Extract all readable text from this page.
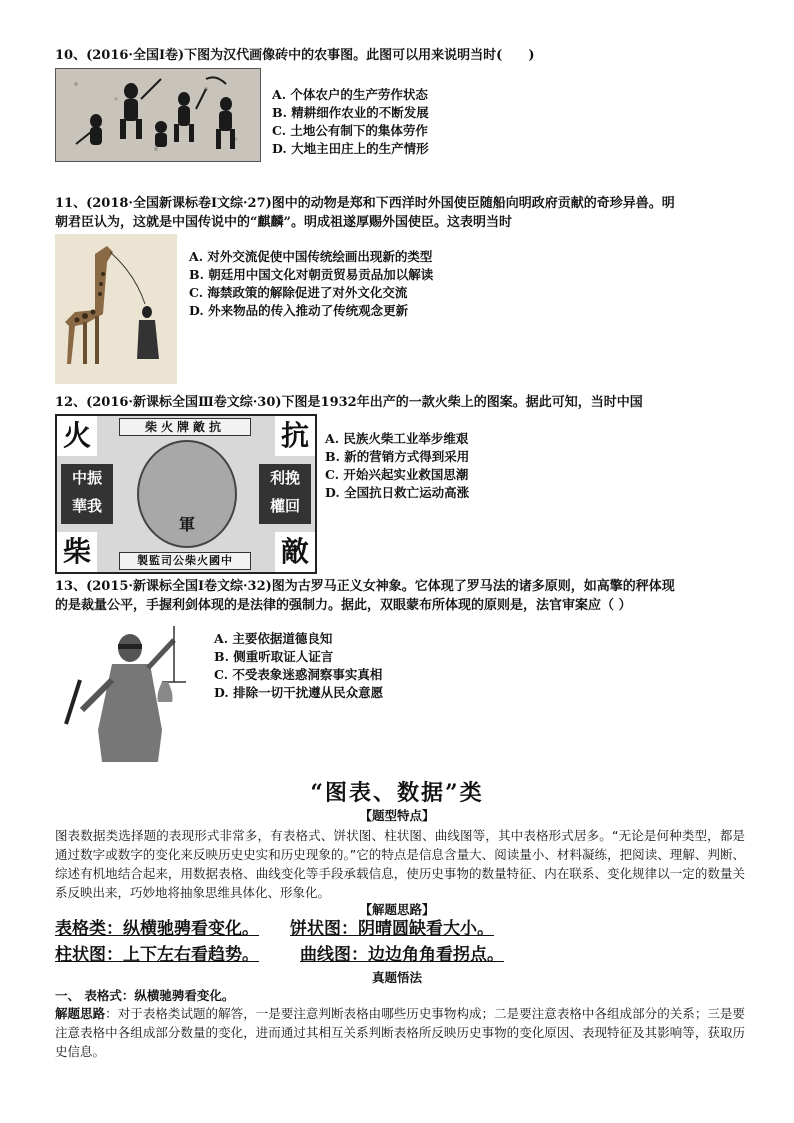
10、(2016·全国Ⅰ卷)下图为汉代画像砖中的农事图。此图可以用来说明当时(　　)

A. 个体农户的生产劳作状态

B. 精耕细作农业的不断发展

C. 土地公有制下的集体劳作

D. 大地主田庄上的生产情形

11、(2018·全国新课标卷Ⅰ文综·27)图中的动物是郑和下西洋时外国使臣随船向明政府贡献的奇珍异兽。明
朝君臣认为，这就是中国传说中的“麒麟”。明成祖遂厚赐外国使臣。这表明当时

A. 对外交流促使中国传统绘画出现新的类型

B. 朝廷用中国文化对朝贡贸易贡品加以解读

C. 海禁政策的解除促进了对外文化交流

D. 外来物品的传入推动了传统观念更新

12、(2016·新课标全国Ⅲ卷文综·30)下图是1932年出产的一款火柴上的图案。据此可知，当时中国
火	抗
柴	敵
柴火牌敵抗
製監司公柴火國中
中振
華我
利挽
權回
軍

A. 民族火柴工业举步维艰

B. 新的营销方式得到采用

C. 开始兴起实业救国思潮

D. 全国抗日救亡运动高涨

13、(2015·新课标全国Ⅰ卷文综·32)图为古罗马正义女神象。它体现了罗马法的诸多原则，如高擎的秤体现
的是裁量公平，手握利剑体现的是法律的强制力。据此，双眼蒙布所体现的原则是，法官审案应（ ）

A. 主要依据道德良知

B. 侧重听取证人证言

C. 不受表象迷惑洞察事实真相

D. 排除一切干扰遵从民众意愿

“图表、数据”类
【题型特点】
图表数据类选择题的表现形式非常多，有表格式、饼状图、柱状图、曲线图等，其中表格形式居多。“无论是何种类型，都是通过数字或数字的变化来反映历史史实和历史现象的。”它的特点是信息含量大、阅读量小、材料凝练，把阅读、理解、判断、综述有机地结合起来，用数据表格、曲线变化等手段承载信息，使历史事物的数量特征、内在联系、变化规律以一定的数量关系反映出来，巧妙地将抽象思维具体化、形象化。
【解题思路】
表格类：纵横驰骋看变化。 饼状图：阴晴圆缺看大小。
柱状图：上下左右看趋势。 曲线图：边边角角看拐点。
真题悟法
一、 表格式：纵横驰骋看变化。
解题思路：对于表格类试题的解答，一是要注意判断表格由哪些历史事物构成；二是要注意表格中各组成部分的关系；三是要注意表格中各组成部分数量的变化，进而通过其相互关系判断表格所反映历史事物的变化原因、表现特征及其影响等，获取历史信息。
